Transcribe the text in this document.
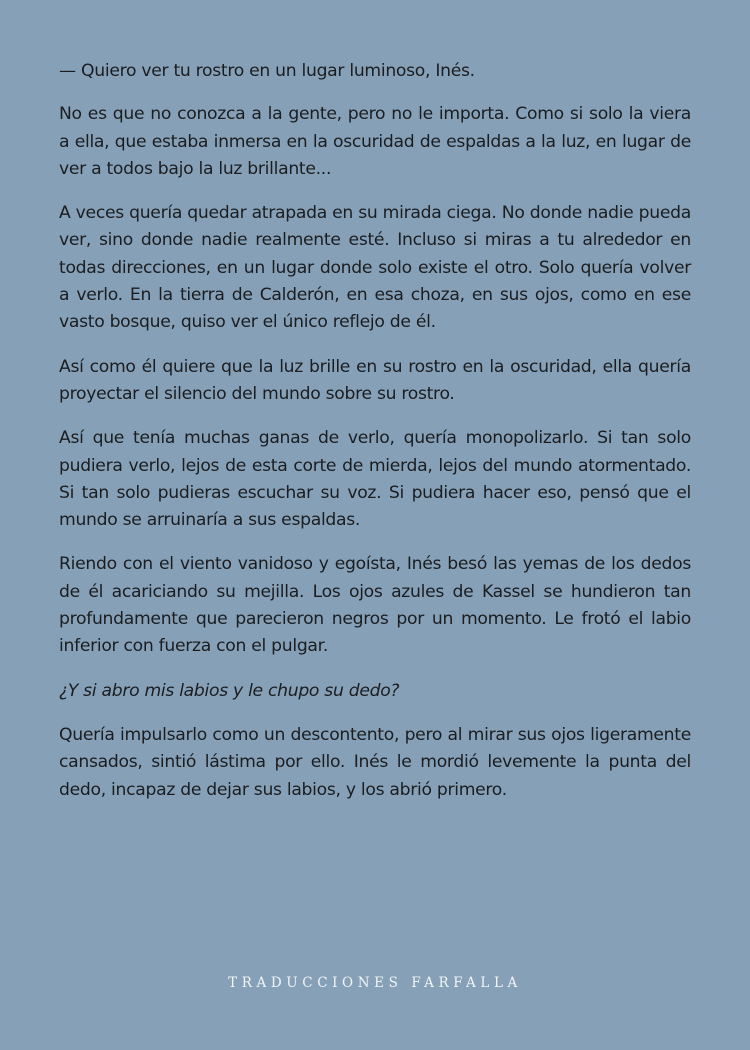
— Quiero ver tu rostro en un lugar luminoso, Inés.

No es que no conozca a la gente, pero no le importa. Como si solo la viera a ella, que estaba inmersa en la oscuridad de espaldas a la luz, en lugar de ver a todos bajo la luz brillante...

A veces quería quedar atrapada en su mirada ciega. No donde nadie pueda ver, sino donde nadie realmente esté. Incluso si miras a tu alrededor en todas direcciones, en un lugar donde solo existe el otro. Solo quería volver a verlo. En la tierra de Calderón, en esa choza, en sus ojos, como en ese vasto bosque, quiso ver el único reflejo de él.

Así como él quiere que la luz brille en su rostro en la oscuridad, ella quería proyectar el silencio del mundo sobre su rostro.

Así que tenía muchas ganas de verlo, quería monopolizarlo. Si tan solo pudiera verlo, lejos de esta corte de mierda, lejos del mundo atormentado. Si tan solo pudieras escuchar su voz. Si pudiera hacer eso, pensó que el mundo se arruinaría a sus espaldas.

Riendo con el viento vanidoso y egoísta, Inés besó las yemas de los dedos de él acariciando su mejilla. Los ojos azules de Kassel se hundieron tan profundamente que parecieron negros por un momento. Le frotó el labio inferior con fuerza con el pulgar.

¿Y si abro mis labios y le chupo su dedo?

Quería impulsarlo como un descontento, pero al mirar sus ojos ligeramente cansados, sintió lástima por ello. Inés le mordió levemente la punta del dedo, incapaz de dejar sus labios, y los abrió primero.

TRADUCCIONES FARFALLA
